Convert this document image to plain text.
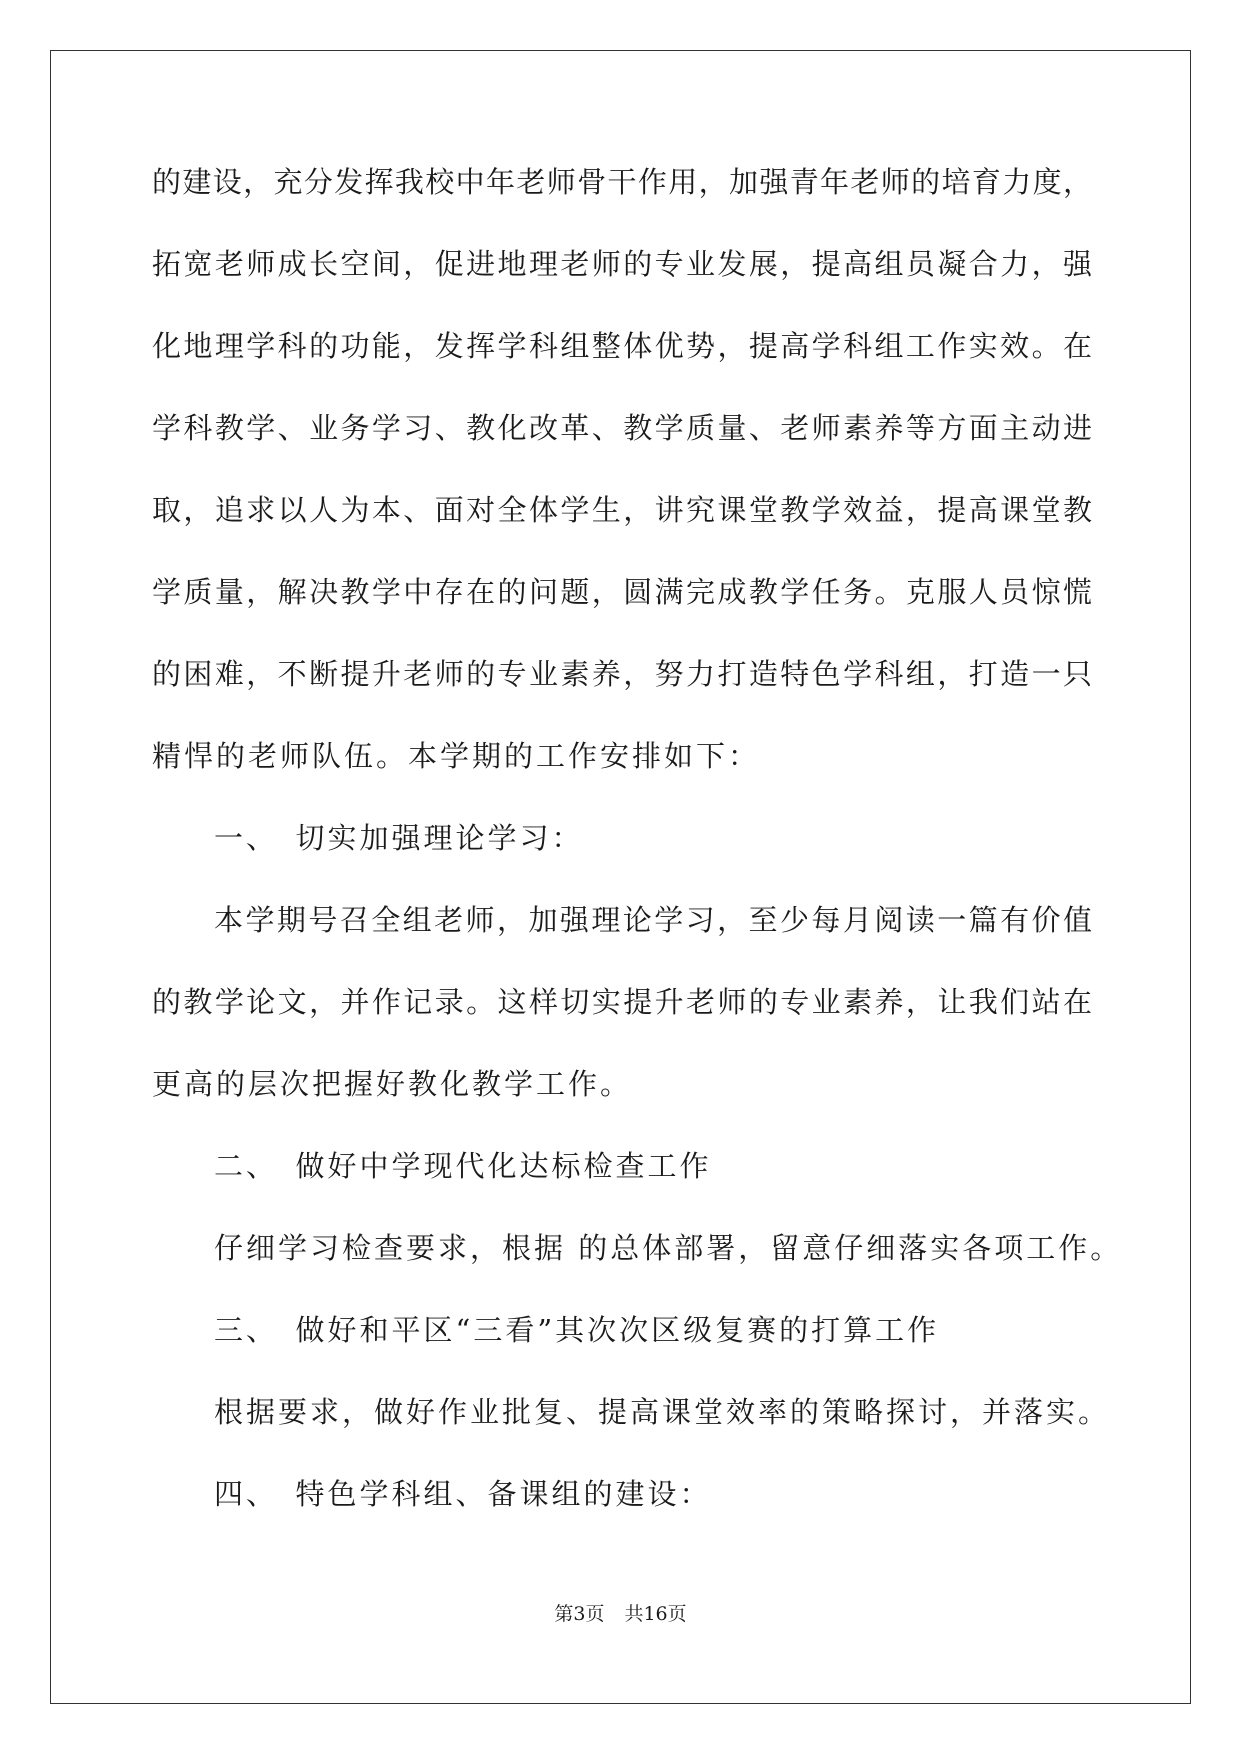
的建设，充分发挥我校中年老师骨干作用，加强青年老师的培育力度，
拓宽老师成长空间，促进地理老师的专业发展，提高组员凝合力，强
化地理学科的功能，发挥学科组整体优势，提高学科组工作实效。在
学科教学、业务学习、教化改革、教学质量、老师素养等方面主动进
取，追求以人为本、面对全体学生，讲究课堂教学效益，提高课堂教
学质量，解决教学中存在的问题，圆满完成教学任务。克服人员惊慌
的困难，不断提升老师的专业素养，努力打造特色学科组，打造一只
精悍的老师队伍。本学期的工作安排如下：
一、　切实加强理论学习：
本学期号召全组老师，加强理论学习，至少每月阅读一篇有价值
的教学论文，并作记录。这样切实提升老师的专业素养，让我们站在
更高的层次把握好教化教学工作。
二、　做好中学现代化达标检查工作
仔细学习检查要求，根据 的总体部署，留意仔细落实各项工作。
三、　做好和平区“三看”其次次区级复赛的打算工作
根据要求，做好作业批复、提高课堂效率的策略探讨，并落实。
四、　特色学科组、备课组的建设：
第3页 共16页
